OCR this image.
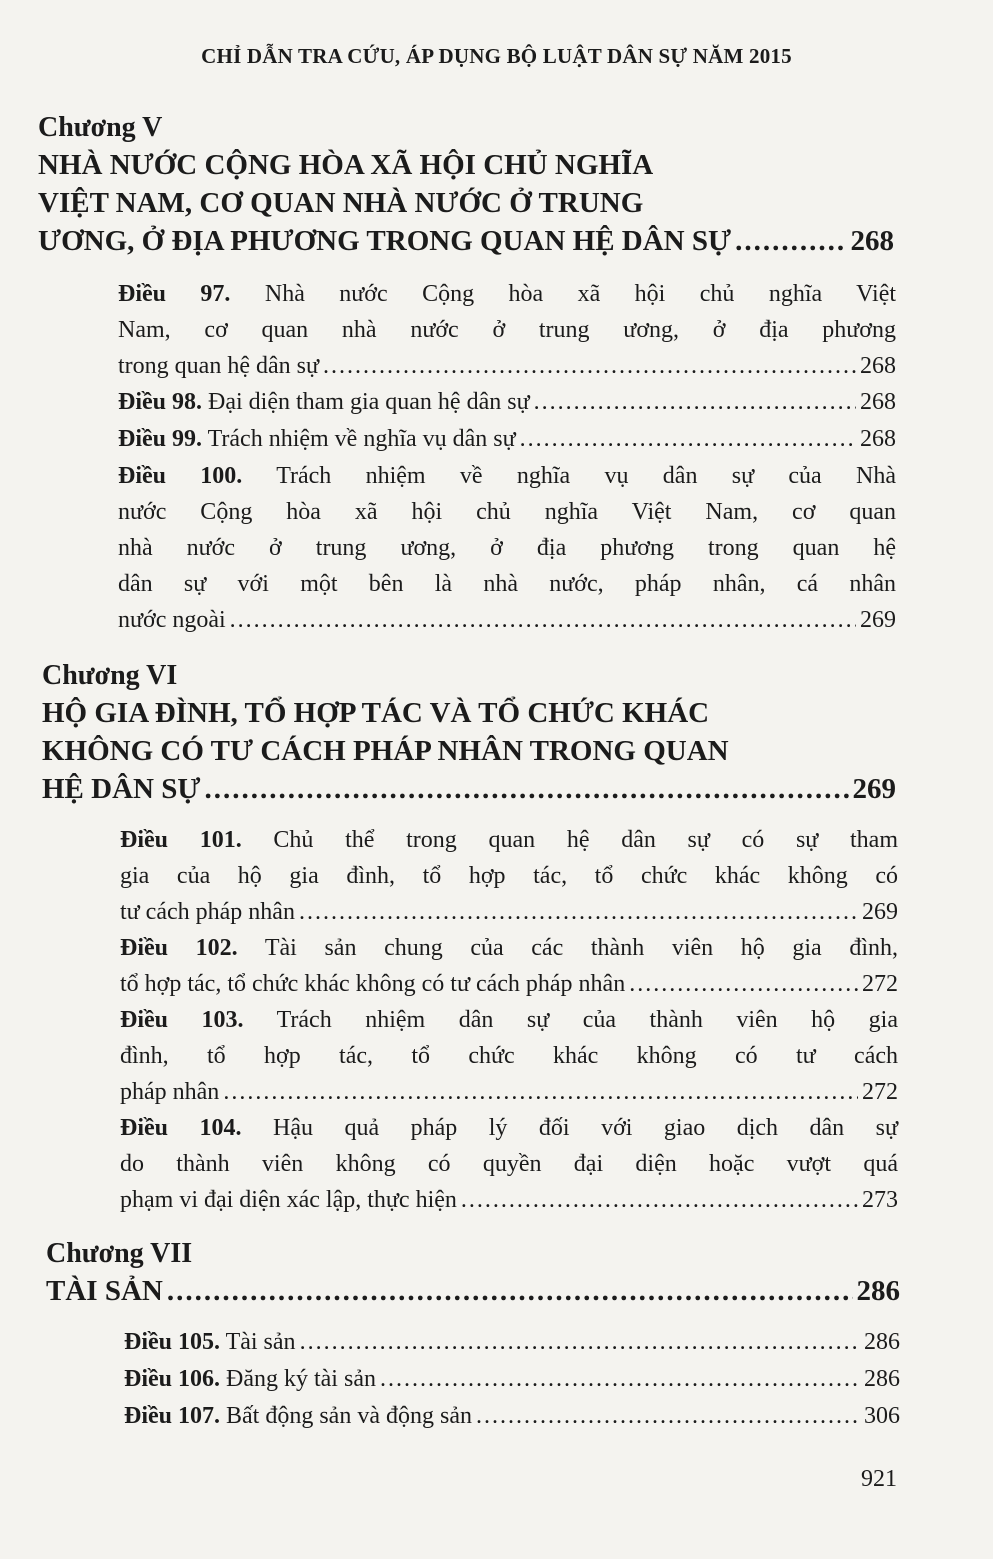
CHỈ DẪN TRA CỨU, ÁP DỤNG BỘ LUẬT DÂN SỰ NĂM 2015
Chương V
NHÀ NƯỚC CỘNG HÒA XÃ HỘI CHỦ NGHĨA
VIỆT NAM, CƠ QUAN NHÀ NƯỚC Ở TRUNG
ƯƠNG, Ở ĐỊA PHƯƠNG TRONG QUAN HỆ DÂN SỰ .....	268
Điều 97. Nhà nước Cộng hòa xã hội chủ nghĩa Việt
Nam, cơ quan nhà nước ở trung ương, ở địa phương
trong quan hệ dân sự .....	268
Điều 98. Đại diện tham gia quan hệ dân sự .....	268
Điều 99. Trách nhiệm về nghĩa vụ dân sự .....	268
Điều 100. Trách nhiệm về nghĩa vụ dân sự của Nhà
nước Cộng hòa xã hội chủ nghĩa Việt Nam, cơ quan
nhà nước ở trung ương, ở địa phương trong quan hệ
dân sự với một bên là nhà nước, pháp nhân, cá nhân
nước ngoài .....	269
Chương VI
HỘ GIA ĐÌNH, TỔ HỢP TÁC VÀ TỔ CHỨC KHÁC
KHÔNG CÓ TƯ CÁCH PHÁP NHÂN TRONG QUAN
HỆ DÂN SỰ .....	269
Điều 101. Chủ thể trong quan hệ dân sự có sự tham
gia của hộ gia đình, tổ hợp tác, tổ chức khác không có
tư cách pháp nhân .....	269
Điều 102. Tài sản chung của các thành viên hộ gia đình,
tổ hợp tác, tổ chức khác không có tư cách pháp nhân .....	272
Điều 103. Trách nhiệm dân sự của thành viên hộ gia
đình, tổ hợp tác, tổ chức khác không có tư cách
pháp nhân .....	272
Điều 104. Hậu quả pháp lý đối với giao dịch dân sự
do thành viên không có quyền đại diện hoặc vượt quá
phạm vi đại diện xác lập, thực hiện .....	273
Chương VII
TÀI SẢN .....	286
Điều 105. Tài sản .....	286
Điều 106. Đăng ký tài sản .....	286
Điều 107. Bất động sản và động sản .....	306
921
